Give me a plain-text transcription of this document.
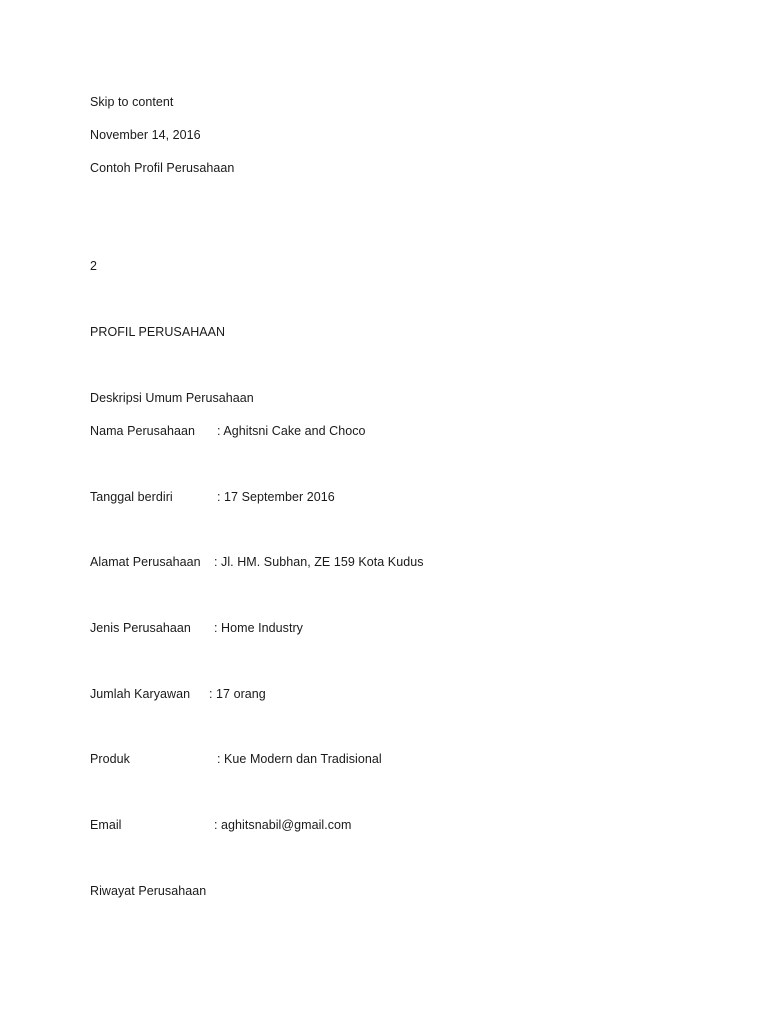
Skip to content
November 14, 2016
Contoh Profil Perusahaan
2
PROFIL PERUSAHAAN
Deskripsi Umum Perusahaan
Nama Perusahaan : Aghitsni Cake and Choco
Tanggal berdiri	: 17 September 2016
Alamat Perusahaan : Jl. HM. Subhan, ZE 159 Kota Kudus
Jenis Perusahaan : Home Industry
Jumlah Karyawan : 17 orang
Produk	: Kue Modern dan Tradisional
Email	: aghitsnabil@gmail.com
Riwayat Perusahaan
